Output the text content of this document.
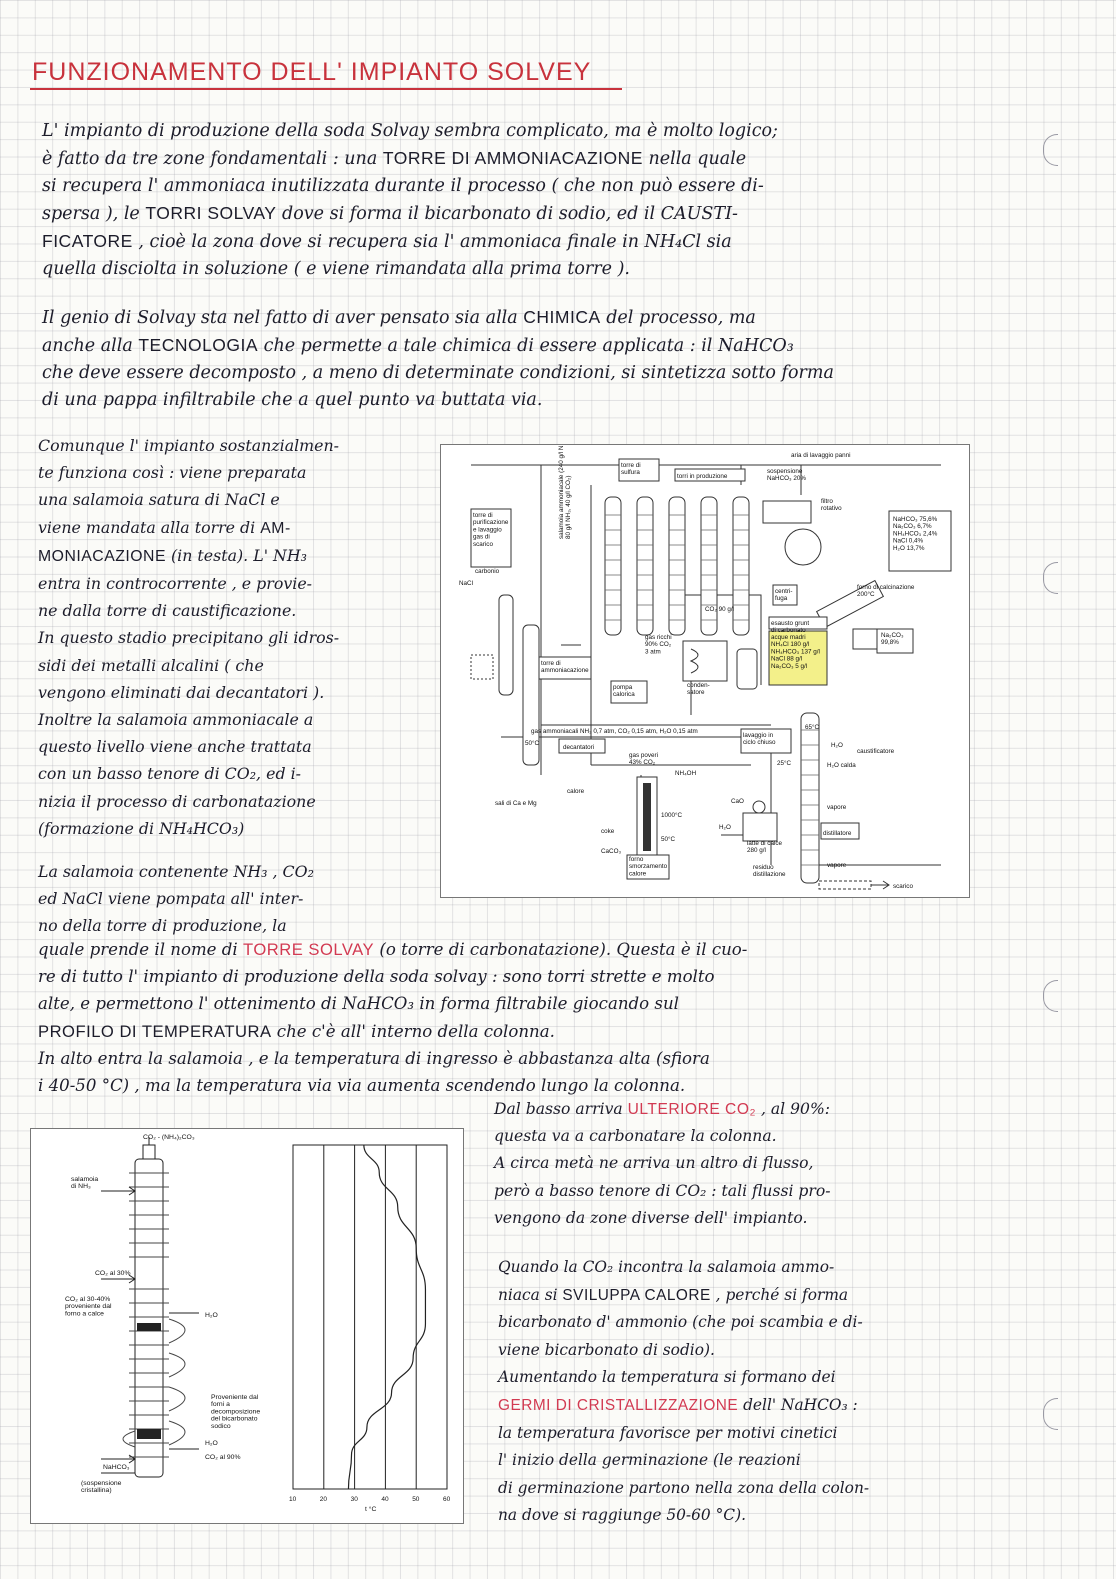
FUNZIONAMENTO DELL' IMPIANTO SOLVEY
L' impianto di produzione della soda Solvay sembra complicato, ma è molto logico;
è fatto da tre zone fondamentali : una TORRE DI AMMONIACAZIONE nella quale
si recupera l' ammoniaca inutilizzata durante il processo ( che non può essere di-
spersa ), le TORRI SOLVAY dove si forma il bicarbonato di sodio, ed il CAUSTI-
FICATORE , cioè la zona dove si recupera sia l' ammoniaca finale in NH₄Cl sia
quella disciolta in soluzione ( e viene rimandata alla prima torre ).
Il genio di Solvay sta nel fatto di aver pensato sia alla CHIMICA del processo, ma
anche alla TECNOLOGIA che permette a tale chimica di essere applicata : il NaHCO₃
che deve essere decomposto , a meno di determinate condizioni, si sintetizza sotto forma
di una pappa infiltrabile che a quel punto va buttata via.
Comunque l' impianto sostanzialmen-
te funziona così : viene preparata
una salamoia satura di NaCl e
viene mandata alla torre di AM-
MONIACAZIONE (in testa). L' NH₃
entra in controcorrente , e provie-
ne dalla torre di caustificazione.
In questo stadio precipitano gli idros-
sidi dei metalli alcalini ( che
vengono eliminati dai decantatori ).
Inoltre la salamoia ammoniacale a
questo livello viene anche trattata
con un basso tenore di CO₂, ed i-
nizia il processo di carbonatazione
(formazione di NH₄HCO₃)
La salamoia contenente NH₃ , CO₂
ed NaCl viene pompata all' inter-
no della torre di produzione, la
quale prende il nome di TORRE SOLVAY (o torre di carbonatazione). Questa è il cuo-
re di tutto l' impianto di produzione della soda solvay : sono torri strette e molto
alte, e permettono l' ottenimento di NaHCO₃ in forma filtrabile giocando sul
PROFILO DI TEMPERATURA che c'è all' interno della colonna.
In alto entra la salamoia , e la temperatura di ingresso è abbastanza alta (sfiora
i 40-50 °C) , ma la temperatura via via aumenta scendendo lungo la colonna.
Dal basso arriva ULTERIORE CO₂ , al 90%:
questa va a carbonatare la colonna.
A circa metà ne arriva un altro di flusso,
però a basso tenore di CO₂ : tali flussi pro-
vengono da zone diverse dell' impianto.
Quando la CO₂ incontra la salamoia ammo-
niaca si SVILUPPA CALORE , perché si forma
bicarbonato d' ammonio (che poi scambia e di-
viene bicarbonato di sodio).
Aumentando la temperatura si formano dei
GERMI DI CRISTALLIZZAZIONE dell' NaHCO₃ :
la temperatura favorisce per motivi cinetici
l' inizio della germinazione (le reazioni
di germinazione partono nella zona della colon-
na dove si raggiunge 50-60 °C).
aria di lavaggio panni
torre di sulfura
torri in produzione
sospensione NaHCO₃ 20%
filtro rotativo
NaHCO₃ 75,6% Na₂CO₃ 6,7% NH₄HCO₃ 2,4% NaCl 0,4% H₂O 13,7%
torre di purificazione e lavaggio gas di scarico
salamoia ammoniacale (240 g/l NH₃,80 g/l NH₃, 40 g/l CO₂)
NaCl
carbonio
forno di calcinazione 200°C
Na₂CO₃ 99,8%
CO₂ 90 g/l
centri-fuga
gas ricchi 90% CO₂ 3 atm
conden-satore
torre di ammoniacazione
esausto grunt di carbonato
acque madri NH₄Cl 180 g/l NH₄HCO₃ 137 g/l NaCl 88 g/l Na₂CO₃ 5 g/l
pompa calorica
gas ammoniacali NH₃ 0,7 atm, CO₂ 0,15 atm, H₂O 0,15 atm
decantatori
lavaggio in ciclo chiuso
gas poveri 43% CO₂
65°C
H₂O
caustificatore
H₂O calda
25°C
NH₄OH
50°C
sali di Ca e Mg
calore
1000°C
coke
CaCO₃
CaO
H₂O
latte di calce 280 g/l
vapore
distillatore
50°C
forno smorzamento calore
residuo distillazione
vapore
scarico
10	20	30	40	50	60
CO₂ - (NH₄)₂CO₃
salamoia di NH₃
CO₂ al 30%
CO₂ al 30-40% proveniente dal forno a calce	H₂O
Proveniente dal forni a decomposizione del bicarbonato sodico
H₂O
CO₂ al 90%
NaHCO₃
(sospensione cristallina)
t °C
